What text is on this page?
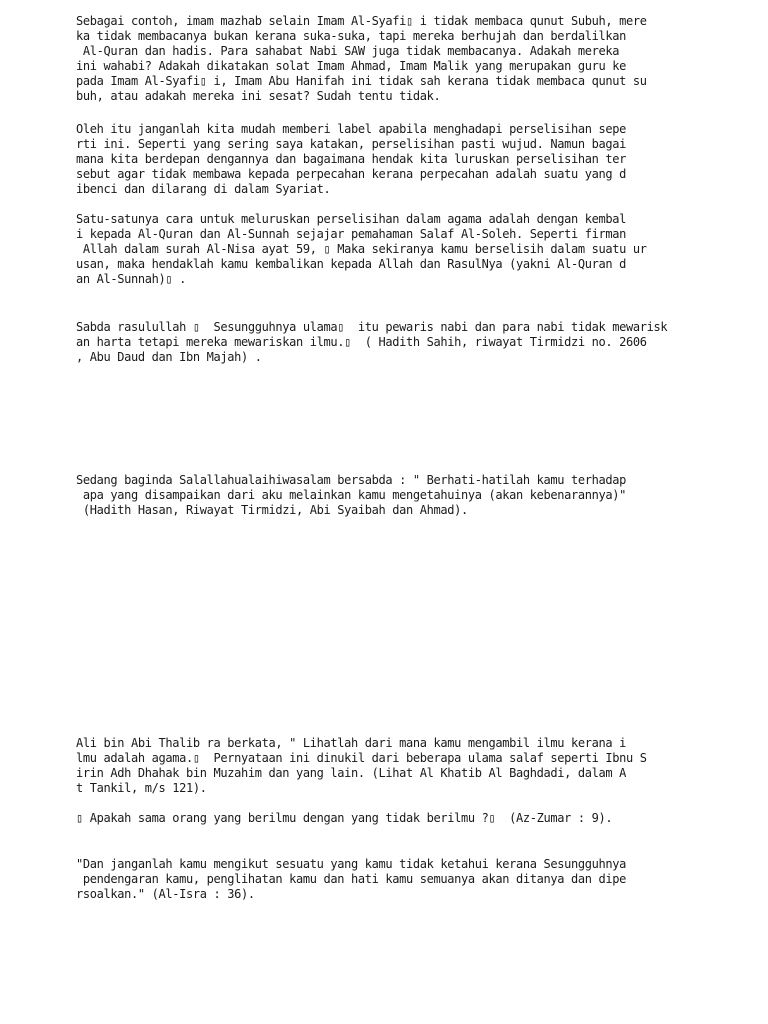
Sebagai contoh, imam mazhab selain Imam Al-Syafi▯ i tidak membaca qunut Subuh, mere
ka tidak membacanya bukan kerana suka-suka, tapi mereka berhujah dan berdalilkan
Al-Quran dan hadis. Para sahabat Nabi SAW juga tidak membacanya. Adakah mereka
ini wahabi? Adakah dikatakan solat Imam Ahmad, Imam Malik yang merupakan guru ke
pada Imam Al-Syafi▯ i, Imam Abu Hanifah ini tidak sah kerana tidak membaca qunut su
buh, atau adakah mereka ini sesat? Sudah tentu tidak.

Oleh itu janganlah kita mudah memberi label apabila menghadapi perselisihan sepe
rti ini. Seperti yang sering saya katakan, perselisihan pasti wujud. Namun bagai
mana kita berdepan dengannya dan bagaimana hendak kita luruskan perselisihan ter
sebut agar tidak membawa kepada perpecahan kerana perpecahan adalah suatu yang d
ibenci dan dilarang di dalam Syariat.

Satu-satunya cara untuk meluruskan perselisihan dalam agama adalah dengan kembal
i kepada Al-Quran dan Al-Sunnah sejajar pemahaman Salaf Al-Soleh. Seperti firman
Allah dalam surah Al-Nisa ayat 59, ▯ Maka sekiranya kamu berselisih dalam suatu ur
usan, maka hendaklah kamu kembalikan kepada Allah dan RasulNya (yakni Al-Quran d
an Al-Sunnah)▯ .

Sabda rasulullah ▯  Sesungguhnya ulama▯  itu pewaris nabi dan para nabi tidak mewarisk
an harta tetapi mereka mewariskan ilmu.▯  ( Hadith Sahih, riwayat Tirmidzi no. 2606
, Abu Daud dan Ibn Majah) .

Sedang baginda Salallahualaihiwasalam bersabda : " Berhati-hatilah kamu terhadap
apa yang disampaikan dari aku melainkan kamu mengetahuinya (akan kebenarannya)"
(Hadith Hasan, Riwayat Tirmidzi, Abi Syaibah dan Ahmad).

Ali bin Abi Thalib ra berkata, " Lihatlah dari mana kamu mengambil ilmu kerana i
lmu adalah agama.▯  Pernyataan ini dinukil dari beberapa ulama salaf seperti Ibnu S
irin Adh Dhahak bin Muzahim dan yang lain. (Lihat Al Khatib Al Baghdadi, dalam A
t Tankil, m/s 121).

▯ Apakah sama orang yang berilmu dengan yang tidak berilmu ?▯  (Az-Zumar : 9).

"Dan janganlah kamu mengikut sesuatu yang kamu tidak ketahui kerana Sesungguhnya
pendengaran kamu, penglihatan kamu dan hati kamu semuanya akan ditanya dan dipe
rsoalkan." (Al-Isra : 36).
